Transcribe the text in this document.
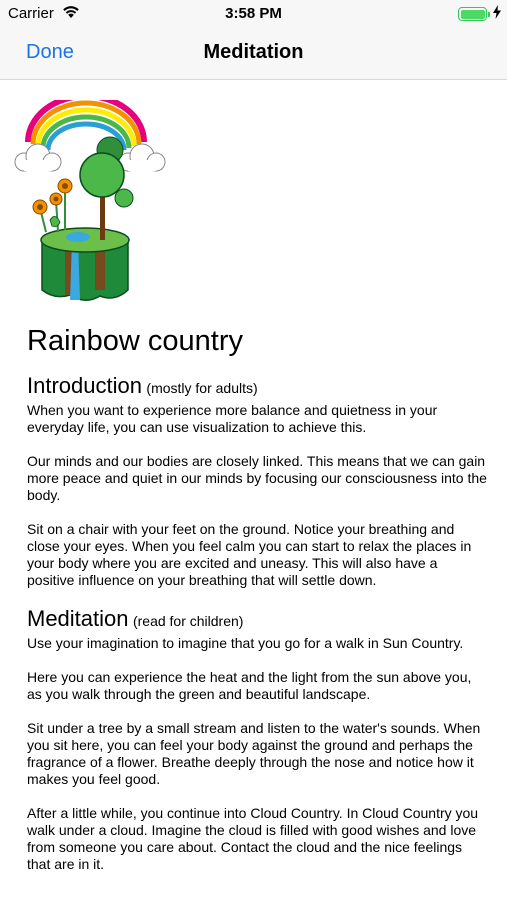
Carrier	3:58 PM
Done	Meditation
Rainbow country
Introduction (mostly for adults)

When you want to experience more balance and quietness in your everyday life, you can use visualization to achieve this.

Our minds and our bodies are closely linked. This means that we can gain more peace and quiet in our minds by focusing our consciousness into the body.

Sit on a chair with your feet on the ground. Notice your breathing and close your eyes. When you feel calm you can start to relax the places in your body where you are excited and uneasy. This will also have a positive influence on your breathing that will settle down.

Meditation (read for children)

Use your imagination to imagine that you go for a walk in Sun Country.

Here you can experience the heat and the light from the sun above you, as you walk through the green and beautiful landscape.

Sit under a tree by a small stream and listen to the water's sounds. When you sit here, you can feel your body against the ground and perhaps the fragrance of a flower. Breathe deeply through the nose and notice how it makes you feel good.

After a little while, you continue into Cloud Country. In Cloud Country you walk under a cloud. Imagine the cloud is filled with good wishes and love from someone you care about. Contact the cloud and the nice feelings that are in it.
